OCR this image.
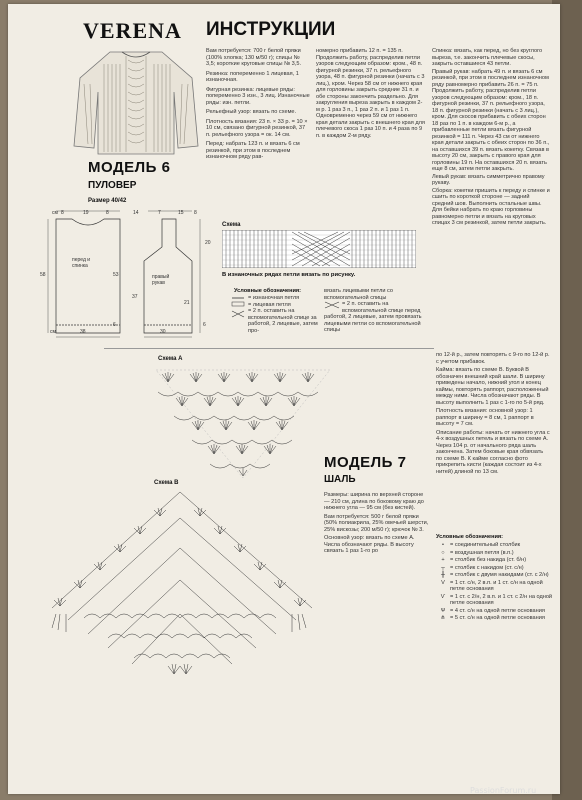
VERENA ИНСТРУКЦИИ
Вам потребуется: 700 г белой пряжи (100% хлопка; 130 м/50 г); спицы № 3,5; короткие круговые спицы № 3,5.
Резинка: попеременно 1 лицевая, 1 изнаночная.
Фигурная резинка: лицевые ряды: попеременно 3 изн., 3 лиц. Изнаночные ряды: изн. петли.
Рельефный узор: вязать по схеме.
Плотность вязания: 23 п. × 33 р. = 10 × 10 см, связано фигурной резинкой, 37 п. рельефного узора = ок. 14 см.
Перед: набрать 123 п. и вязать 6 см резинкой, при этом в последнем изнаночном ряду рав-
номерно прибавить 12 п. = 135 п. Продолжить работу, распределив петли узоров следующим образом: кром., 48 п. фигурной резинки, 37 п. рельефного узора, 48 п. фигурной резинки (начать с 3 лиц.), кром. Через 58 см от нижнего края для горловины закрыть средние 31 п. и обе стороны закончить раздельно. Для закругления выреза закрыть в каждом 2-м р. 1 раз 3 п., 1 раз 2 п. и 1 раз 1 п. Одновременно через 59 см от нижнего края детали закрыть с внешнего края для плечевого скоса 1 раз 10 п. и 4 раза по 9 п. в каждом 2-м ряду.
Спинка: вязать, как перед, но без круглого выреза, т.е. закончить плечевые скосы, закрыть оставшиеся 43 петли.
Правый рукав: набрать 49 п. и вязать 6 см резинкой, при этом в последнем изнаночном ряду равномерно прибавить 26 п. = 75 п. Продолжить работу, распределив петли узоров следующим образом: кром., 18 п. фигурной резинки, 37 п. рельефного узора, 18 п. фигурной резинки (начать с 3 лиц.), кром. Для скосов прибавить с обеих сторон 18 раз по 1 п. в каждом 6-м р., а прибавленные петли вязать фигурной резинкой = 111 п. Через 43 см от нижнего края детали закрыть с обеих сторон по 36 п., на оставшихся 39 п. вязать кокетку. Связав в высоту 20 см, закрыть с правого края для горловины 19 п. На оставшихся 20 п. вязать еще 8 см, затем петли закрыть.
Левый рукав: вязать симметрично правому рукаву.
Сборка: кокетки пришить к переду и спинке и сшить по короткой стороне — задний средний шов. Выполнить остальные швы. Для бейки набрать по краю горловины равномерно петли и вязать на круговых спицах 3 см резинкой, затем петли закрыть.
МОДЕЛЬ 6
ПУЛОВЕР
Размер 40/42
перед и спинка
правый рукав
см 8	19	8
58
38
53
6
см
14	7	15 8
20
37
21
30
6
Схема
В изнаночных рядах петли вязать по рисунку.
Условные обозначения:
= изнаночная петля
= лицевая петля
= 2 п. оставить на вспомогательной спице за работой, 2 лицевые, затем про-
вязать лицевыми петли со вспомогательной спицы
= 2 п. оставить на вспомогательной спице перед работой, 2 лицевые, затем провязать лицевыми петли со вспомогательной спицы
Схема А
МОДЕЛЬ 7
ШАЛЬ
Схема В
Размеры: ширина по верхней стороне — 210 см, длина по боковому краю до нижнего угла — 95 см (без кистей).
Вам потребуется: 500 г белой пряжи (50% полиакрила, 25% овечьей шерсти, 25% вискозы; 200 м/50 г); крючок № 3.
Основной узор: вязать по схеме А. Числа обозначают ряды. В высоту связать 1 раз 1-го ро
по 12-й р., затем повторять с 9-го по 12-й р. с учетом прибавок.
Кайма: вязать по схеме В. Буквой В обозначен внешний край шали. В ширину приведены начало, нижний угол и конец каймы, повторять раппорт, расположенный между ними. Числа обозначают ряды. В высоту выполнить 1 раз с 1-го по 5-й ряд.
Плотность вязания: основной узор: 1 раппорт в ширину = 8 см, 1 раппорт в высоту = 7 см.
Описание работы: начать от нижнего угла с 4-х воздушных петель и вязать по схеме А. Через 104 р. от начального ряда шаль закончена. Затем боковые края обвязать по схеме В. К кайме согласно фото прикрепить кисти (каждая состоит из 4-х нитей) длиной по 13 см.
Условные обозначения:
•	= соединительный столбик
○ = воздушная петля (в.п.)
+ = столбик без накида (ст. б/н)
┬ = столбик с накидом (ст. с/н)
╫ = столбик с двумя накидами (ст. с 2/н)
V = 1 ст. с/н, 2 в.п. и 1 ст. с/н на одной петле основания
Ѵ = 1 ст. с 2/н, 2 в.п. и 1 ст. с 2/н на одной петле основания
Ѱ = 4 ст. с/н на одной петле основания
⋔ = 5 ст. с/н на одной петле основания
PassionForum.ru
